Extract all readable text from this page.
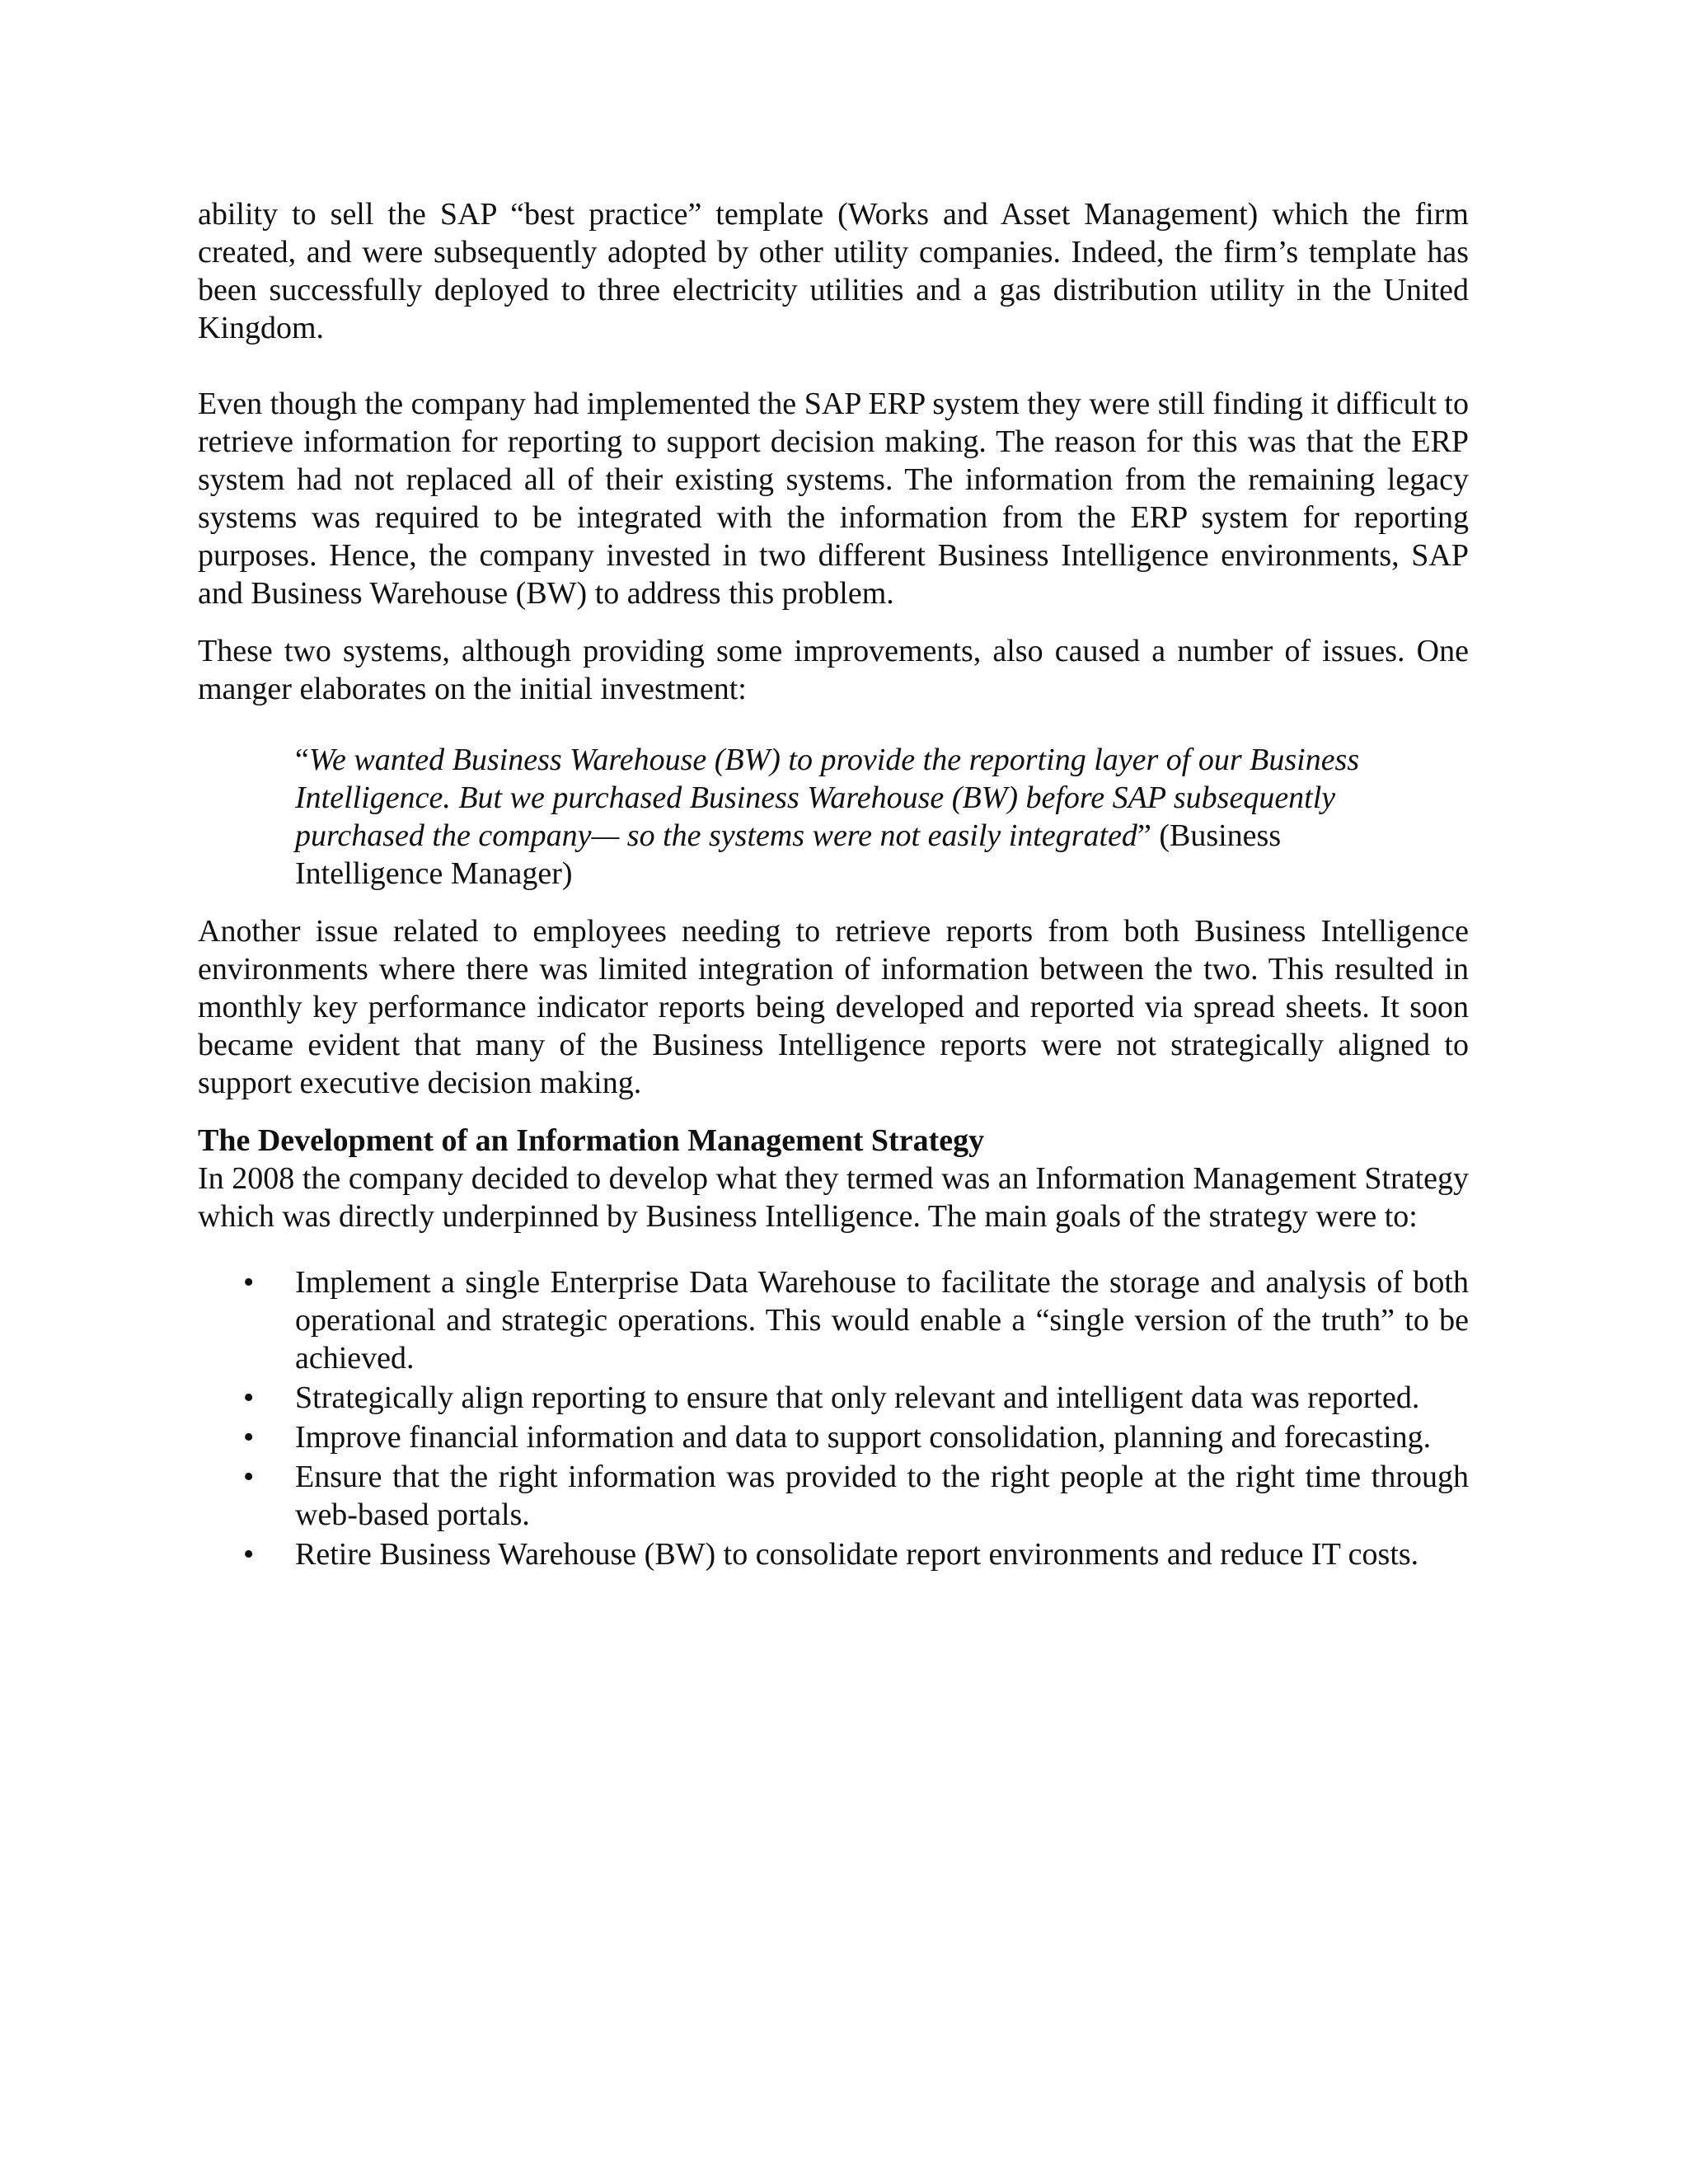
ability to sell the SAP “best practice” template (Works and Asset Management) which the firm created, and were subsequently adopted by other utility companies. Indeed, the firm’s template has been successfully deployed to three electricity utilities and a gas distribution utility in the United Kingdom.

Even though the company had implemented the SAP ERP system they were still finding it difficult to retrieve information for reporting to support decision making. The reason for this was that the ERP system had not replaced all of their existing systems. The information from the remaining legacy systems was required to be integrated with the information from the ERP system for reporting purposes. Hence, the company invested in two different Business Intelligence environments, SAP and Business Warehouse (BW) to address this problem.

These two systems, although providing some improvements, also caused a number of issues. One manger elaborates on the initial investment:

“We wanted Business Warehouse (BW) to provide the reporting layer of our Business Intelligence. But we purchased Business Warehouse (BW) before SAP subsequently purchased the company— so the systems were not easily integrated” (Business Intelligence Manager)

Another issue related to employees needing to retrieve reports from both Business Intelligence environments where there was limited integration of information between the two. This resulted in monthly key performance indicator reports being developed and reported via spread sheets. It soon became evident that many of the Business Intelligence reports were not strategically aligned to support executive decision making.

The Development of an Information Management Strategy

In 2008 the company decided to develop what they termed was an Information Management Strategy which was directly underpinned by Business Intelligence. The main goals of the strategy were to:

• Implement a single Enterprise Data Warehouse to facilitate the storage and analysis of both operational and strategic operations. This would enable a “single version of the truth” to be achieved.
• Strategically align reporting to ensure that only relevant and intelligent data was reported.
• Improve financial information and data to support consolidation, planning and forecasting.
• Ensure that the right information was provided to the right people at the right time through web-based portals.
• Retire Business Warehouse (BW) to consolidate report environments and reduce IT costs.
